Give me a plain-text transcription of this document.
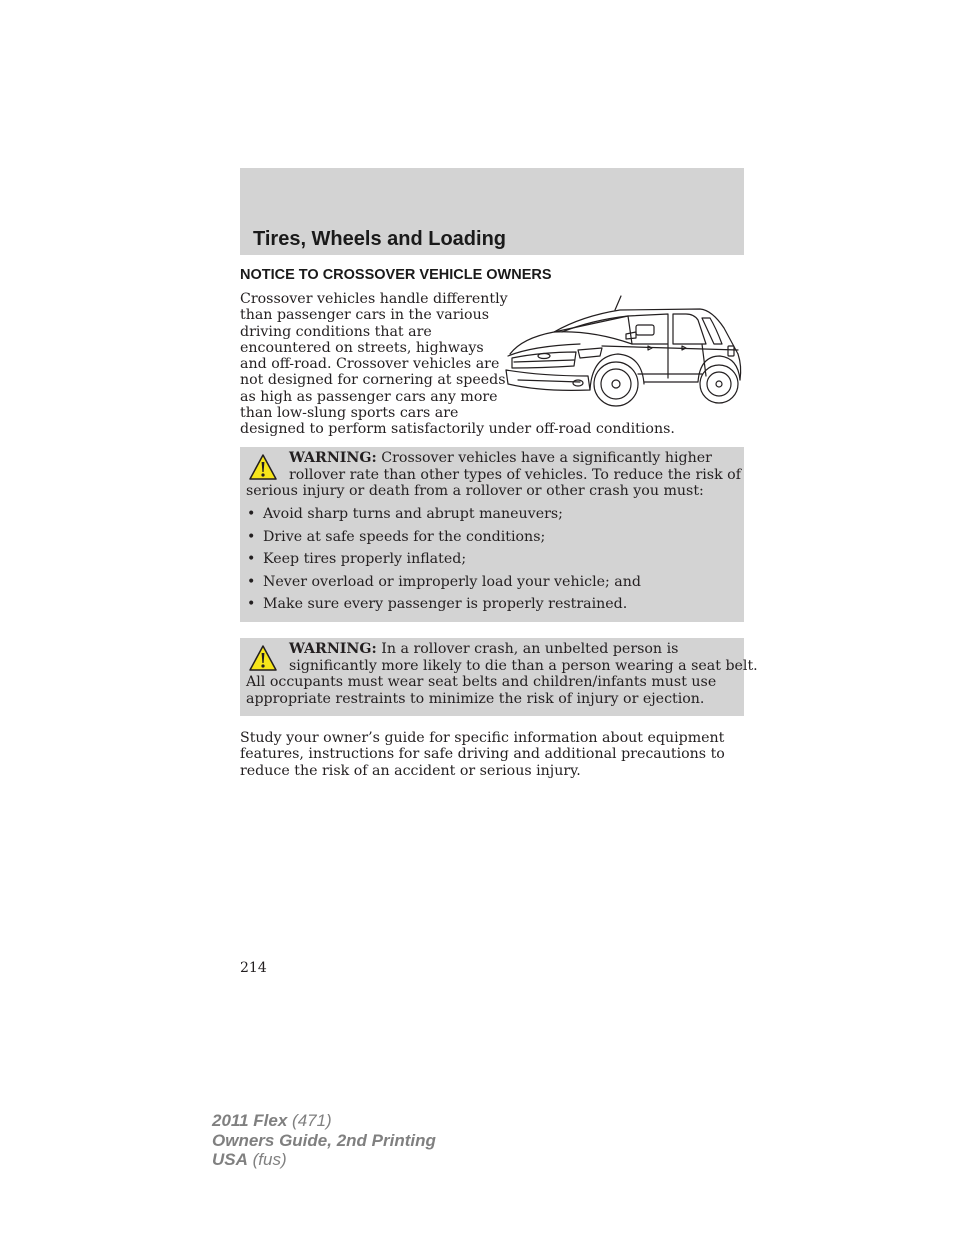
Tires, Wheels and Loading
NOTICE TO CROSSOVER VEHICLE OWNERS

Crossover vehicles handle differently
than passenger cars in the various
driving conditions that are
encountered on streets, highways
and off-road. Crossover vehicles are
not designed for cornering at speeds
as high as passenger cars any more
than low-slung sports cars are
designed to perform satisfactorily under off-road conditions.

WARNING: Crossover vehicles have a significantly higher
rollover rate than other types of vehicles. To reduce the risk of
serious injury or death from a rollover or other crash you must:
• Avoid sharp turns and abrupt maneuvers;
• Drive at safe speeds for the conditions;
• Keep tires properly inflated;
• Never overload or improperly load your vehicle; and
• Make sure every passenger is properly restrained.
WARNING: In a rollover crash, an unbelted person is
significantly more likely to die than a person wearing a seat belt.
All occupants must wear seat belts and children/infants must use
appropriate restraints to minimize the risk of injury or ejection.

Study your owner’s guide for specific information about equipment
features, instructions for safe driving and additional precautions to
reduce the risk of an accident or serious injury.

214
2011 Flex (471)
Owners Guide, 2nd Printing
USA (fus)
